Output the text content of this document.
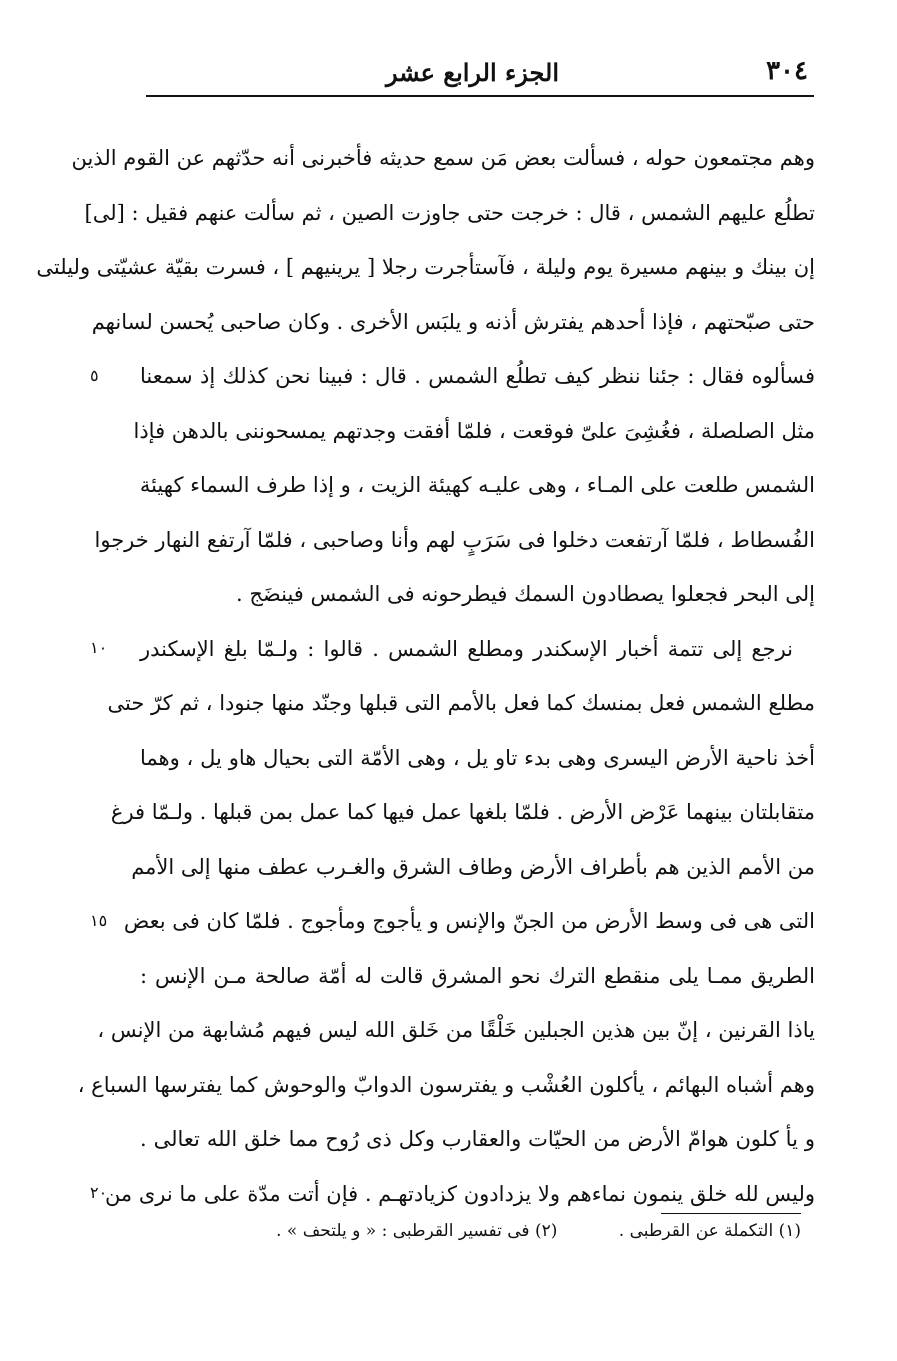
٣٠٤
الجزء الرابع عشر
وهم مجتمعون حوله ، فسألت بعض مَن سمع حديثه فأخبرنى أنه حدّثهم عن القوم الذين
تطلُع عليهم الشمس ، قال : خرجت حتى جاوزت الصين ، ثم سألت عنهم فقيل : [لى]
إن بينك و بينهم مسيرة يوم وليلة ، فآستأجرت رجلا [ يرينيهم ] ، فسرت بقيّة عشيّتى وليلتى
حتى صبّحتهم ، فإذا أحدهم يفترش أذنه و يلبَس الأخرى . وكان صاحبى يُحسن لسانهم
فسألوه فقال : جئنا ننظر كيف تطلُع الشمس . قال : فبينا نحن كذلك إذ سمعنا
مثل الصلصلة ، فغُشِىَ علىّ فوقعت ، فلمّا أفقت وجدتهم يمسحوننى بالدهن فإذا
الشمس طلعت على المـاء ، وهى عليـه كهيئة الزيت ، و إذا طرف السماء كهيئة
الفُسطاط ، فلمّا آرتفعت دخلوا فى سَرَبٍ لهم وأنا وصاحبى ، فلمّا آرتفع النهار خرجوا
إلى البحر فجعلوا يصطادون السمك فيطرحونه فى الشمس فينضَج .
نرجع إلى تتمة أخبار الإسكندر ومطلع الشمس . قالوا : ولـمّا بلغ الإسكندر
مطلع الشمس فعل بمنسك كما فعل بالأمم التى قبلها وجنّد منها جنودا ، ثم كرّ حتى
أخذ ناحية الأرض اليسرى وهى بدء تاو يل ، وهى الأمّة التى بحيال هاو يل ، وهما
متقابلتان بينهما عَرْض الأرض . فلمّا بلغها عمل فيها كما عمل بمن قبلها . ولـمّا فرغ
من الأمم الذين هم بأطراف الأرض وطاف الشرق والغـرب عطف منها إلى الأمم
التى هى فى وسط الأرض من الجنّ والإنس و يأجوج ومأجوج . فلمّا كان فى بعض
الطريق ممـا يلى منقطع الترك نحو المشرق قالت له أمّة صالحة مـن الإنس :
ياذا القرنين ، إنّ بين هذين الجبلين خَلْقًا من خَلق الله ليس فيهم مُشابهة من الإنس ،
وهم أشباه البهائم ، يأكلون العُشْب و يفترسون الدوابّ والوحوش كما يفترسها السباع ،
و يأ كلون هوامّ الأرض من الحيّات والعقارب وكل ذى رُوح مما خلق الله تعالى .
وليس لله خلق ينمون نماءهم ولا يزدادون كزيادتهـم . فإن أتت مدّة على ما نرى من
٥
١٠
١٥
٢٠
(١) التكملة عن القرطبى . (٢) فى تفسير القرطبى : « و يلتحف » .
